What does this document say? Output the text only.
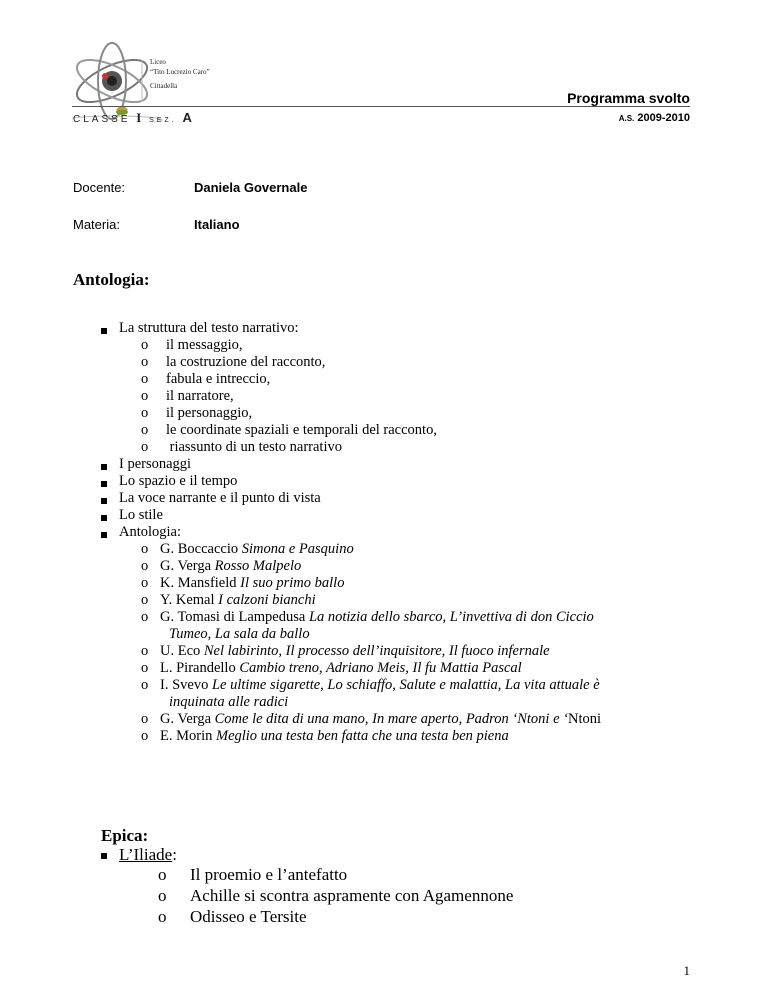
Liceo
“Tito Lucrezio Caro”
Cittadella
Programma svolto
CLASSE I SEZ. A	A.S. 2009-2010
Docente:	Daniela Governale
Materia:	Italiano
Antologia:
La struttura del testo narrativo:
o il messaggio,
o la costruzione del racconto,
o fabula e intreccio,
o il narratore,
o il personaggio,
o le coordinate spaziali e temporali del racconto,
o riassunto di un testo narrativo
I personaggi
Lo spazio e il tempo
La voce narrante e il punto di vista
Lo stile
Antologia:
o G. Boccaccio Simona e Pasquino
o G. Verga Rosso Malpelo
o K. Mansfield Il suo primo ballo
o Y. Kemal I calzoni bianchi
o G. Tomasi di Lampedusa La notizia dello sbarco, L’invettiva di don Ciccio
Tumeo, La sala da ballo
o U. Eco Nel labirinto, Il processo dell’inquisitore, Il fuoco infernale
o L. Pirandello Cambio treno, Adriano Meis, Il fu Mattia Pascal
o I. Svevo Le ultime sigarette, Lo schiaffo, Salute e malattia, La vita attuale è
inquinata alle radici
o G. Verga Come le dita di una mano, In mare aperto, Padron ‘Ntoni e ‘Ntoni
o E. Morin Meglio una testa ben fatta che una testa ben piena
Epica:
L’Iliade:
o Il proemio e l’antefatto
o Achille si scontra aspramente con Agamennone
o Odisseo e Tersite
1
